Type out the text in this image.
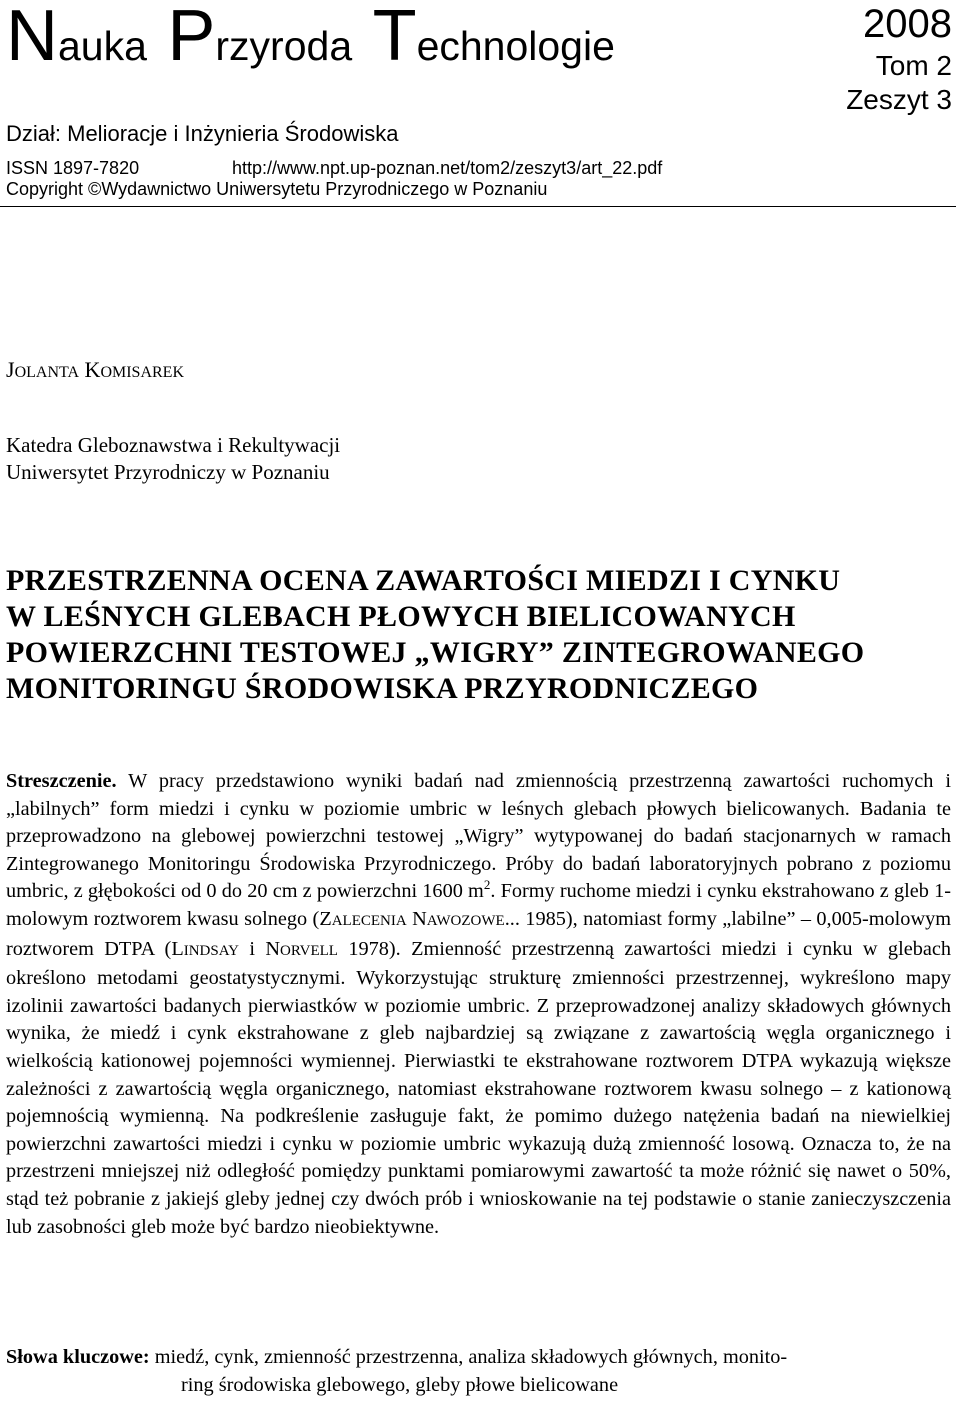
Nauka Przyroda Technologie	2008
Tom 2
Zeszyt 3
Dział: Melioracje i Inżynieria Środowiska
ISSN 1897-7820	http://www.npt.up-poznan.net/tom2/zeszyt3/art_22.pdf
Copyright ©Wydawnictwo Uniwersytetu Przyrodniczego w Poznaniu
JOLANTA KOMISAREK
Katedra Gleboznawstwa i Rekultywacji
Uniwersytet Przyrodniczy w Poznaniu
PRZESTRZENNA OCENA ZAWARTOŚCI MIEDZI I CYNKU
W LEŚNYCH GLEBACH PŁOWYCH BIELICOWANYCH
POWIERZCHNI TESTOWEJ „WIGRY” ZINTEGROWANEGO
MONITORINGU ŚRODOWISKA PRZYRODNICZEGO
Streszczenie. W pracy przedstawiono wyniki badań nad zmiennością przestrzenną zawartości ruchomych i „labilnych” form miedzi i cynku w poziomie umbric w leśnych glebach płowych bielicowanych. Badania te przeprowadzono na glebowej powierzchni testowej „Wigry” wytypowanej do badań stacjonarnych w ramach Zintegrowanego Monitoringu Środowiska Przyrodniczego. Próby do badań laboratoryjnych pobrano z poziomu umbric, z głębokości od 0 do 20 cm z powierzchni 1600 $m^2$. Formy ruchome miedzi i cynku ekstrahowano z gleb 1-molowym roztworem kwasu solnego (ZALECENIA NAWOZOWE... 1985), natomiast formy „labilne” – 0,005-molowym roztworem DTPA (LINDSAY i NORVELL 1978). Zmienność przestrzenną zawartości miedzi i cynku w glebach określono metodami geostatystycznymi. Wykorzystując strukturę zmienności przestrzennej, wykreślono mapy izolinii zawartości badanych pierwiastków w poziomie umbric. Z przeprowadzonej analizy składowych głównych wynika, że miedź i cynk ekstrahowane z gleb najbardziej są związane z zawartością węgla organicznego i wielkością kationowej pojemności wymiennej. Pierwiastki te ekstrahowane roztworem DTPA wykazują większe zależności z zawartością węgla organicznego, natomiast ekstrahowane roztworem kwasu solnego – z kationową pojemnością wymienną. Na podkreślenie zasługuje fakt, że pomimo dużego natężenia badań na niewielkiej powierzchni zawartości miedzi i cynku w poziomie umbric wykazują dużą zmienność losową. Oznacza to, że na przestrzeni mniejszej niż odległość pomiędzy punktami pomiarowymi zawartość ta może różnić się nawet o 50%, stąd też pobranie z jakiejś gleby jednej czy dwóch prób i wnioskowanie na tej podstawie o stanie zanieczyszczenia lub zasobności gleb może być bardzo nieobiektywne.
Słowa kluczowe: miedź, cynk, zmienność przestrzenna, analiza składowych głównych, monito-
ring środowiska glebowego, gleby płowe bielicowane
